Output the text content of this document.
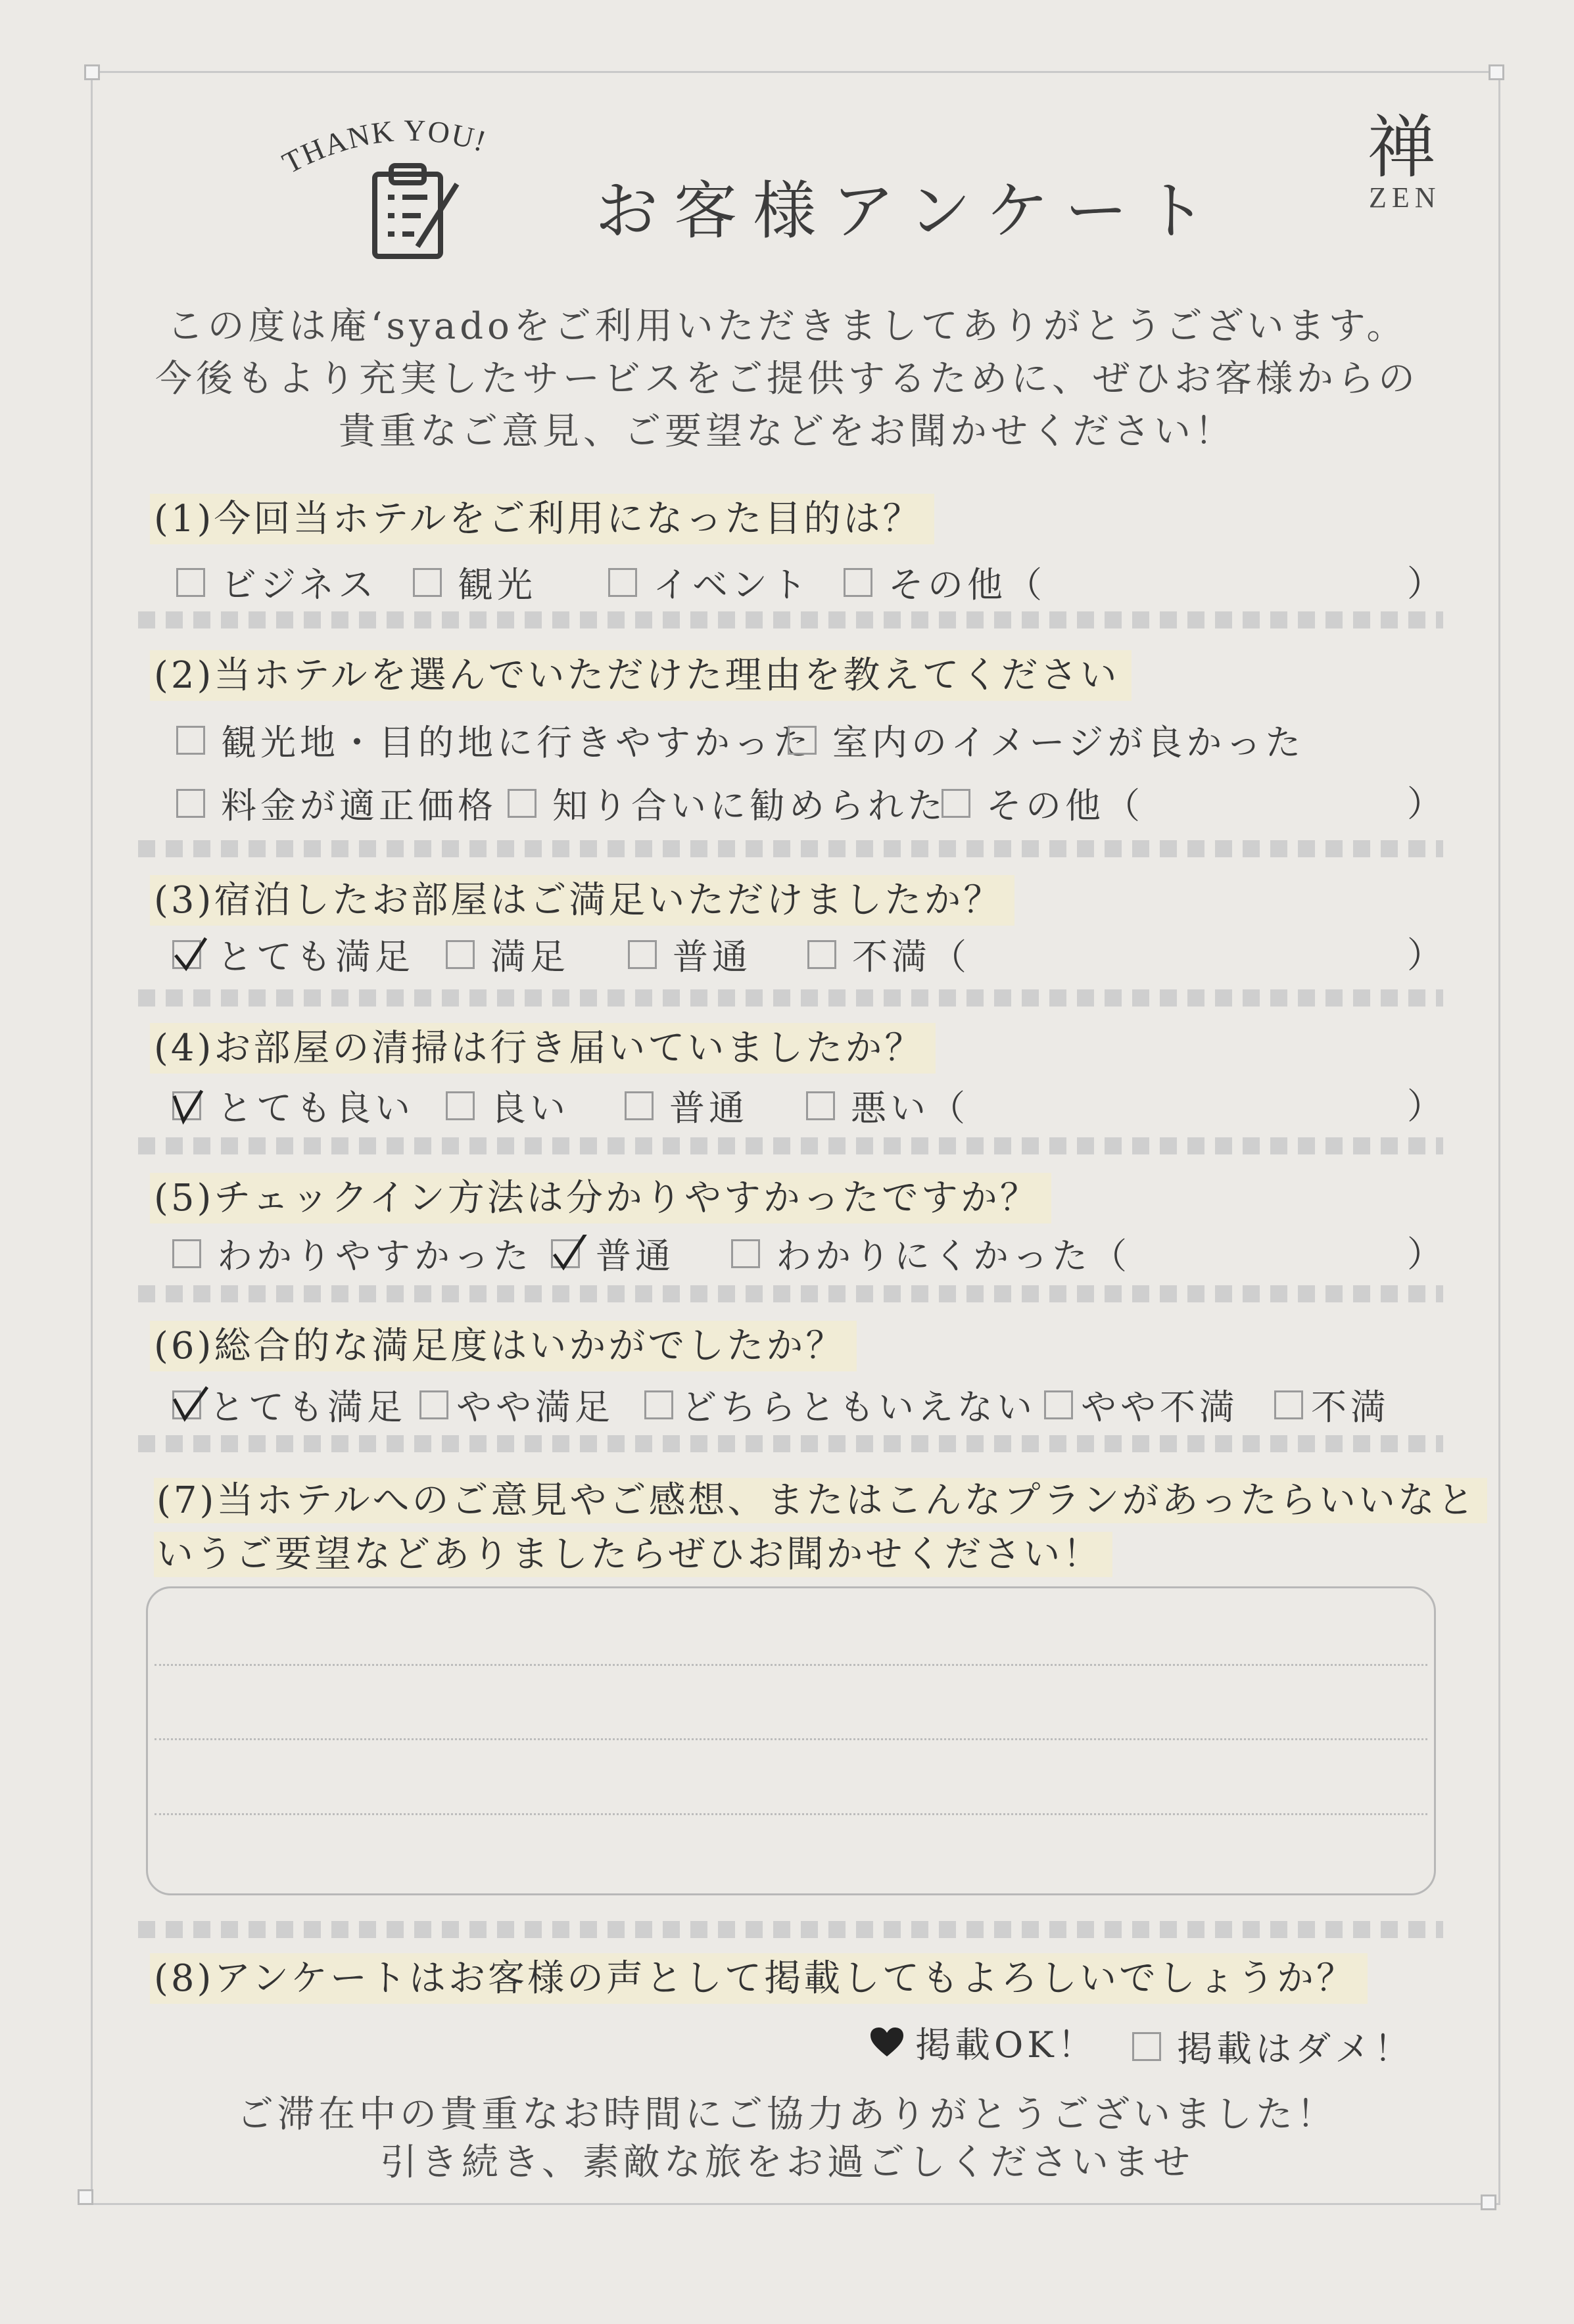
THANK YOU!
お客様アンケート
禅
ZEN
この度は庵‘syadoをご利用いただきましてありがとうございます。
今後もより充実したサービスをご提供するために、ぜひお客様からの
貴重なご意見、ご要望などをお聞かせください！
(1)今回当ホテルをご利用になった目的は？
ビジネス 観光	イベント その他（	）
(2)当ホテルを選んでいただけた理由を教えてください
観光地・目的地に行きやすかった 室内のイメージが良かった
料金が適正価格 知り合いに勧められた その他（	）
(3)宿泊したお部屋はご満足いただけましたか？
とても満足 満足	普通	不満（	）
(4)お部屋の清掃は行き届いていましたか？
とても良い 良い	普通	悪い（	）
(5)チェックイン方法は分かりやすかったですか？
わかりやすかった 普通	わかりにくかった（	）
(6)総合的な満足度はいかがでしたか？
とても満足 やや満足 どちらともいえない やや不満 不満
(7)当ホテルへのご意見やご感想、またはこんなプランがあったらいいなと
いうご要望などありましたらぜひお聞かせください！
(8)アンケートはお客様の声として掲載してもよろしいでしょうか？
掲載OK！ 掲載はダメ！
ご滞在中の貴重なお時間にご協力ありがとうございました！
引き続き、素敵な旅をお過ごしくださいませ
